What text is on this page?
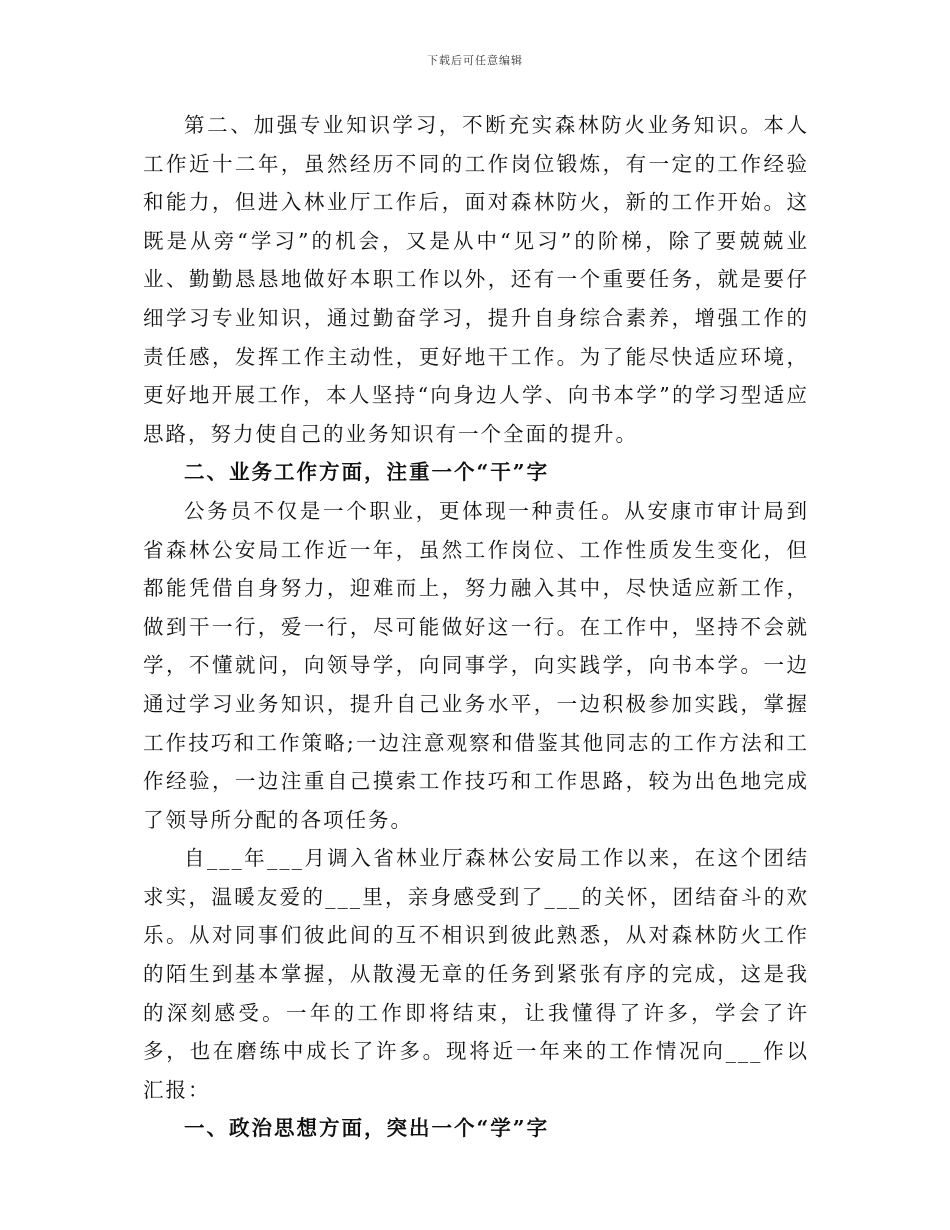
下载后可任意编辑

第二、加强专业知识学习，不断充实森林防火业务知识。本人工作近十二年，虽然经历不同的工作岗位锻炼，有一定的工作经验和能力，但进入林业厅工作后，面对森林防火，新的工作开始。这既是从旁“学习”的机会，又是从中“见习”的阶梯，除了要兢兢业业、勤勤恳恳地做好本职工作以外，还有一个重要任务，就是要仔细学习专业知识，通过勤奋学习，提升自身综合素养，增强工作的责任感，发挥工作主动性，更好地干工作。为了能尽快适应环境，更好地开展工作，本人坚持“向身边人学、向书本学”的学习型适应思路，努力使自己的业务知识有一个全面的提升。

二、业务工作方面，注重一个“干”字

公务员不仅是一个职业，更体现一种责任。从安康市审计局到省森林公安局工作近一年，虽然工作岗位、工作性质发生变化，但都能凭借自身努力，迎难而上，努力融入其中，尽快适应新工作，做到干一行，爱一行，尽可能做好这一行。在工作中，坚持不会就学，不懂就问，向领导学，向同事学，向实践学，向书本学。一边通过学习业务知识，提升自己业务水平，一边积极参加实践，掌握工作技巧和工作策略;一边注意观察和借鉴其他同志的工作方法和工作经验，一边注重自己摸索工作技巧和工作思路，较为出色地完成了领导所分配的各项任务。

自___年___月调入省林业厅森林公安局工作以来，在这个团结求实，温暖友爱的___里，亲身感受到了___的关怀，团结奋斗的欢乐。从对同事们彼此间的互不相识到彼此熟悉，从对森林防火工作的陌生到基本掌握，从散漫无章的任务到紧张有序的完成，这是我的深刻感受。一年的工作即将结束，让我懂得了许多，学会了许多，也在磨练中成长了许多。现将近一年来的工作情况向___作以汇报：

一、政治思想方面，突出一个“学”字
